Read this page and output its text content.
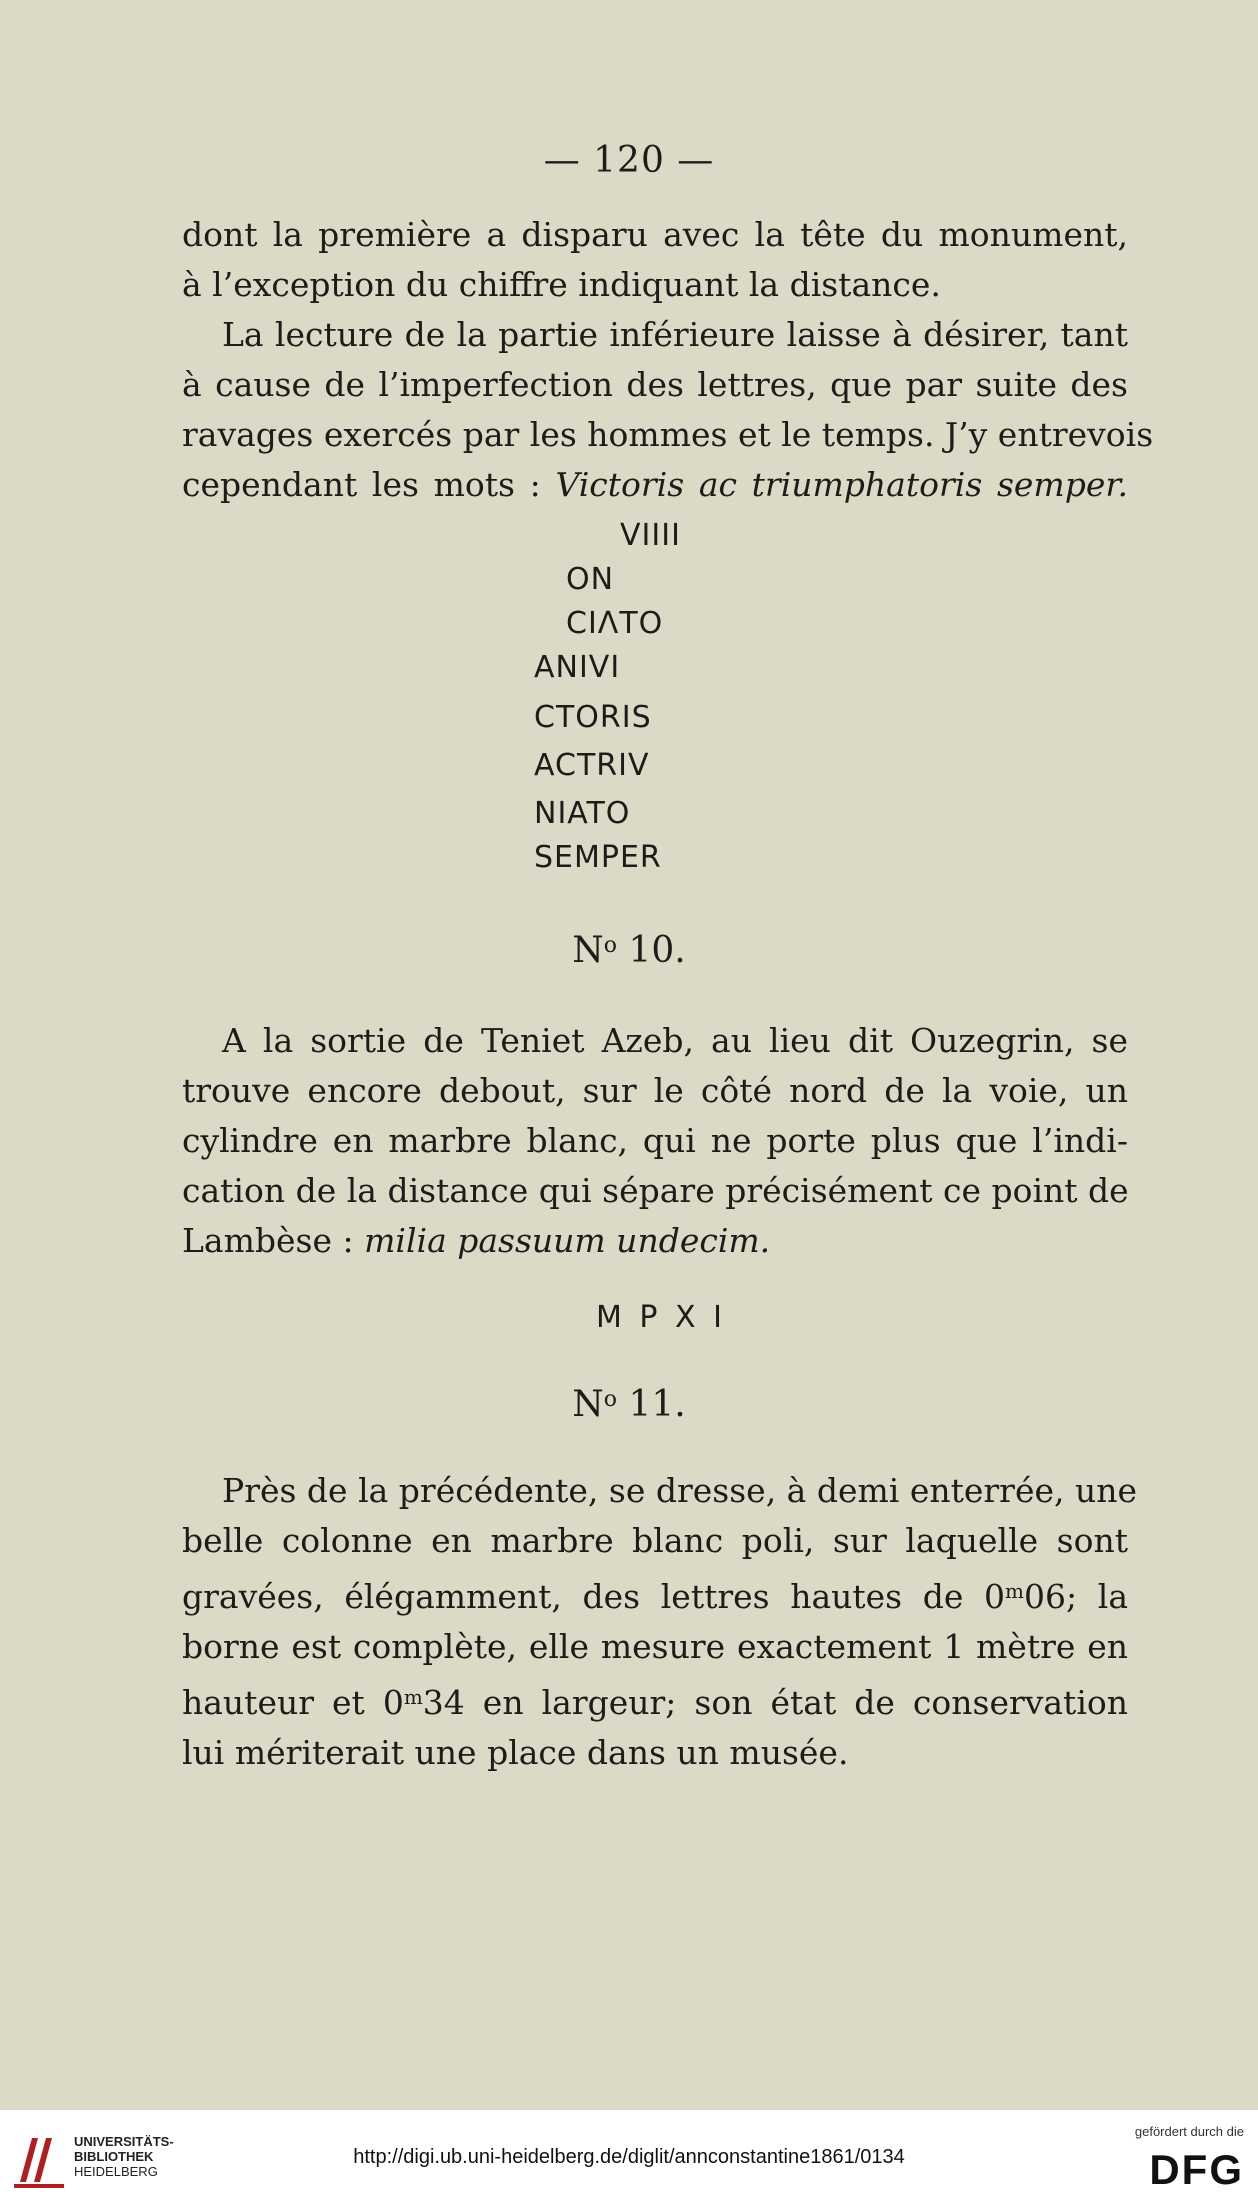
— 120 —
dont la première a disparu avec la tête du monument,
à l’exception du chiffre indiquant la distance.
La lecture de la partie inférieure laisse à désirer, tant
à cause de l’imperfection des lettres, que par suite des
ravages exercés par les hommes et le temps. J’y entrevois
cependant les mots : Victoris ac triumphatoris semper.
VIIII
ON
CIΛTO
ANIVI
CTORIS
ACTRIV
NIATO
SEMPER
$N^o$ 10.
A la sortie de Teniet Azeb, au lieu dit Ouzegrin, se
trouve encore debout, sur le côté nord de la voie, un
cylindre en marbre blanc, qui ne porte plus que l’indi-
cation de la distance qui sépare précisément ce point de
Lambèse : milia passuum undecim.
M P X I
$N^o$ 11.
Près de la précédente, se dresse, à demi enterrée, une
belle colonne en marbre blanc poli, sur laquelle sont
gravées, élégamment, des lettres hautes de 0$^m$06; la
borne est complète, elle mesure exactement 1 mètre en
hauteur et 0$^m$34 en largeur; son état de conservation
lui mériterait une place dans un musée.
UNIVERSITÄTS-
BIBLIOTHEK
HEIDELBERG
http://digi.ub.uni-heidelberg.de/diglit/annconstantine1861/0134
gefördert durch die
DFG
